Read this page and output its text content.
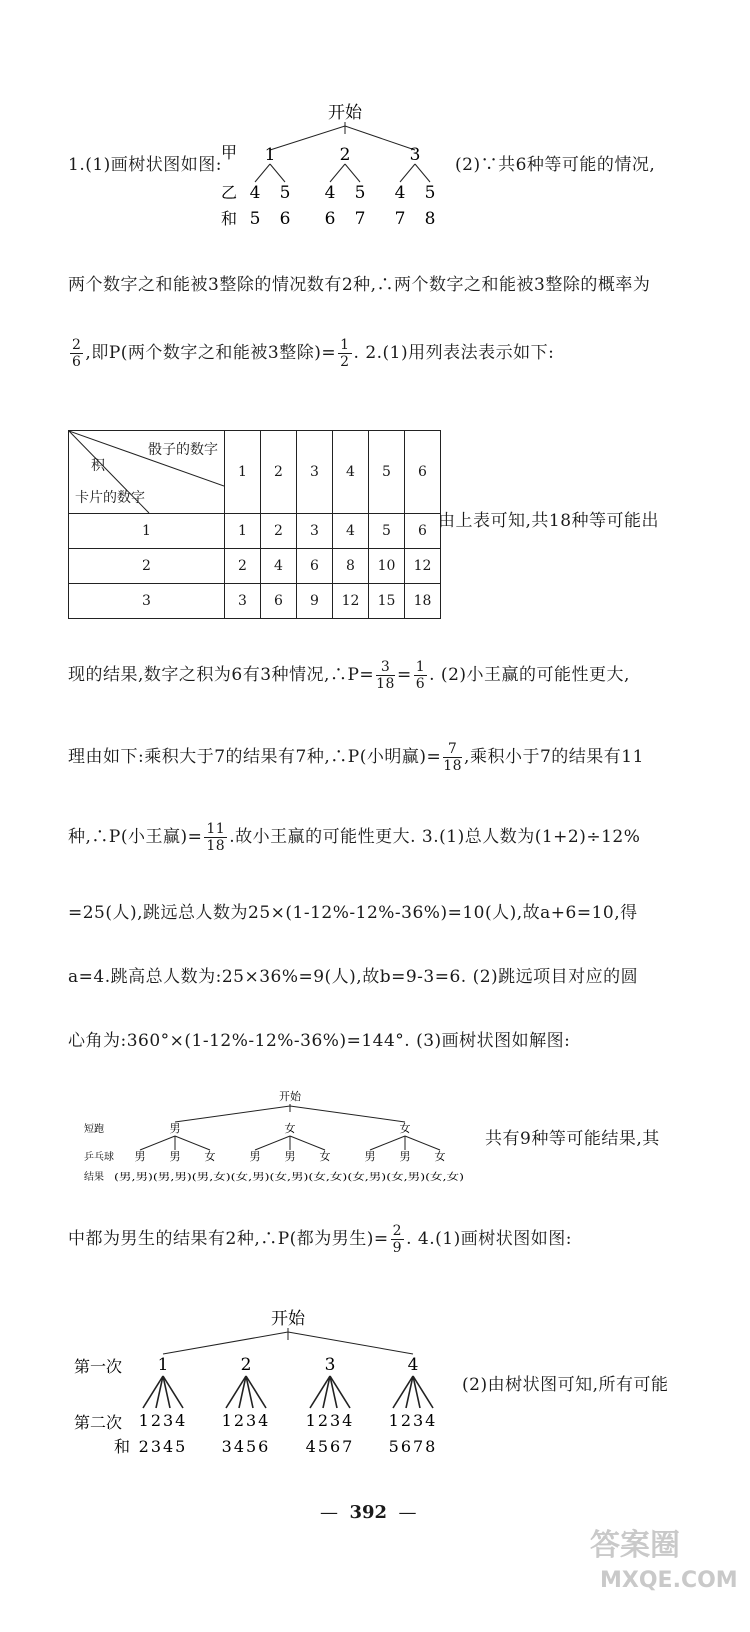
开始
甲 1	2	3
乙 4 5 4 5 4 5
和 5 6 6 7 7 8
1.(1)画树状图如图:	(2)∵共6种等可能的情况,
两个数字之和能被3整除的情况数有2种,∴两个数字之和能被3整除的概率为
$\frac{2}{6}$ ,即P(两个数字之和能被3整除)= $\frac{1}{2}$ . 2.(1)用列表法表示如下:
骰子的数字
积
卡片的数字	1	2	3	4	5	6
1	1	2	3	4	5	6
2	2	4	6	8	10	12
3	3	6	9	12	15	18
由上表可知,共18种等可能出
现的结果,数字之积为6有3种情况,∴P= $\frac{3}{18} = \frac{1}{6}$ . (2)小王赢的可能性更大,
理由如下:乘积大于7的结果有7种,∴P(小明赢)= $\frac{7}{18}$ ,乘积小于7的结果有11
种,∴P(小王赢)= $\frac{11}{18}$ .故小王赢的可能性更大. 3.(1)总人数为(1+2)÷12%
=25(人),跳远总人数为25×(1-12%-12%-36%)=10(人),故a+6=10,得
a=4.跳高总人数为:25×36%=9(人),故b=9-3=6. (2)跳远项目对应的圆
心角为:360°×(1-12%-12%-36%)=144°. (3)画树状图如解图:
开始
短跑	男	女	女
乒乓球 男 男 女	男 男 女	男 男 女
结果 (男,男)(男,男)(男,女)(女,男)(女,男)(女,女)(女,男)(女,男)(女,女)
共有9种等可能结果,其
中都为男生的结果有2种,∴P(都为男生)= $\frac{2}{9}$ . 4.(1)画树状图如图:
开始
第一次 1	2	3	4
第二次 1234 1234 1234 1234
和 2345 3456 4567 5678
(2)由树状图可知,所有可能
—  392  —
答案圈
MXQE.COM
